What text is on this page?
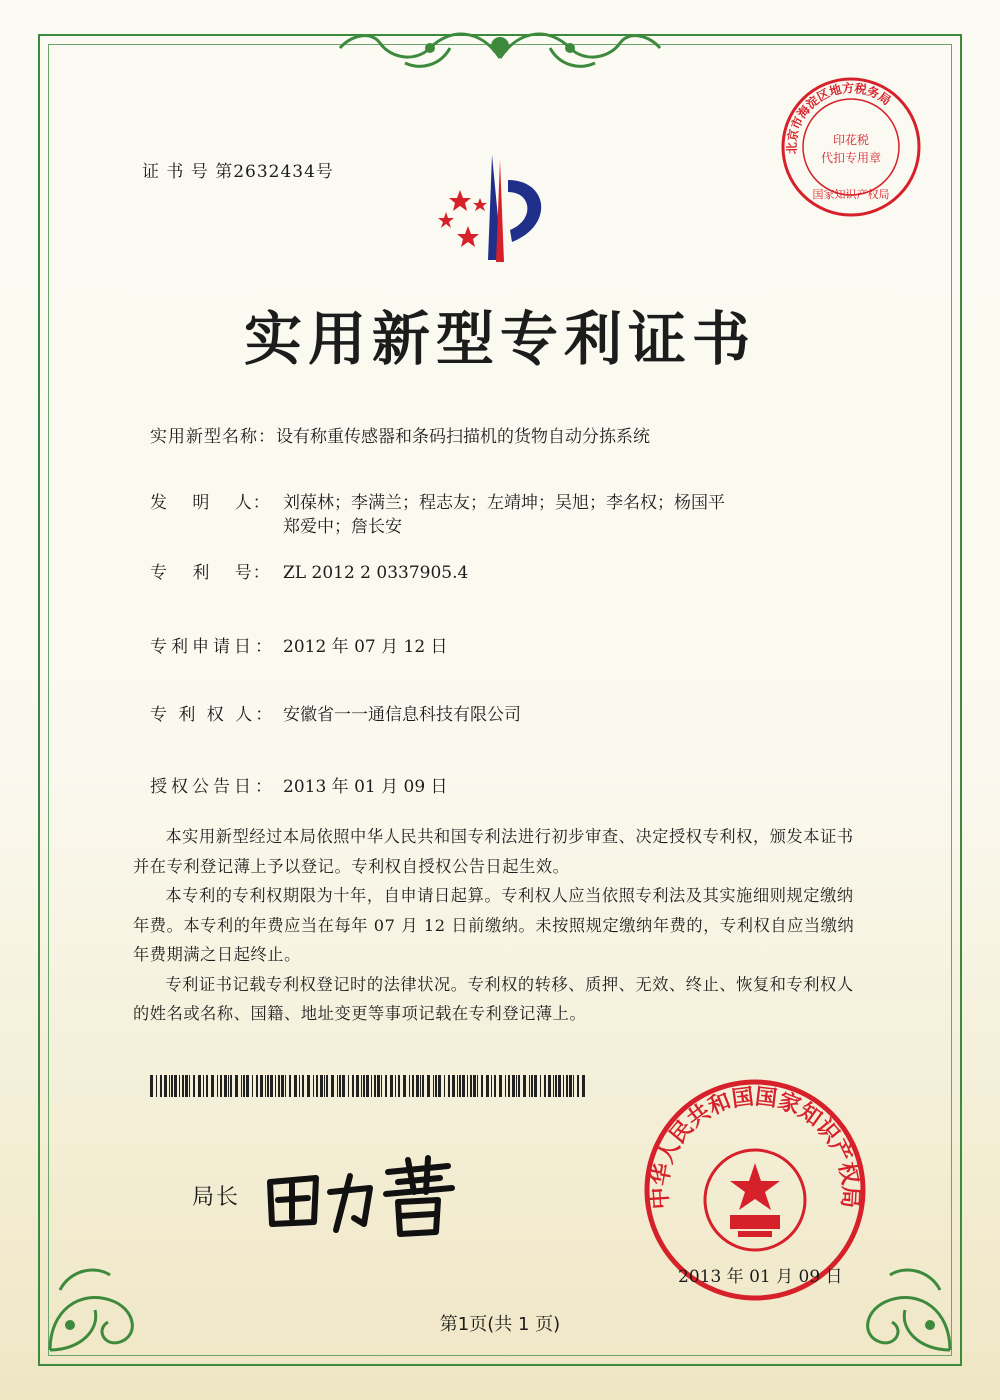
证 书 号 第2632434号
北京市海淀区地方税务局
印花税
代扣专用章
国家知识产权局
实用新型专利证书
实用新型名称：设有称重传感器和条码扫描机的货物自动分拣系统
发　 明　 人： 刘葆林；李满兰；程志友；左靖坤；吴旭；李名权；杨国平
郑爱中；詹长安
专　 利　 号： ZL 2012 2 0337905.4
专利申请日： 2012 年 07 月 12 日
专 利 权 人： 安徽省一一通信息科技有限公司
授权公告日： 2013 年 01 月 09 日

本实用新型经过本局依照中华人民共和国专利法进行初步审查、决定授权专利权，颁发本证书并在专利登记薄上予以登记。专利权自授权公告日起生效。

本专利的专利权期限为十年，自申请日起算。专利权人应当依照专利法及其实施细则规定缴纳年费。本专利的年费应当在每年 07 月 12 日前缴纳。未按照规定缴纳年费的，专利权自应当缴纳年费期满之日起终止。

专利证书记载专利权登记时的法律状况。专利权的转移、质押、无效、终止、恢复和专利权人的姓名或名称、国籍、地址变更等事项记载在专利登记薄上。

局长	中华人民共和国国家知识产权局
2013 年 01 月 09 日
第1页(共 1 页)
